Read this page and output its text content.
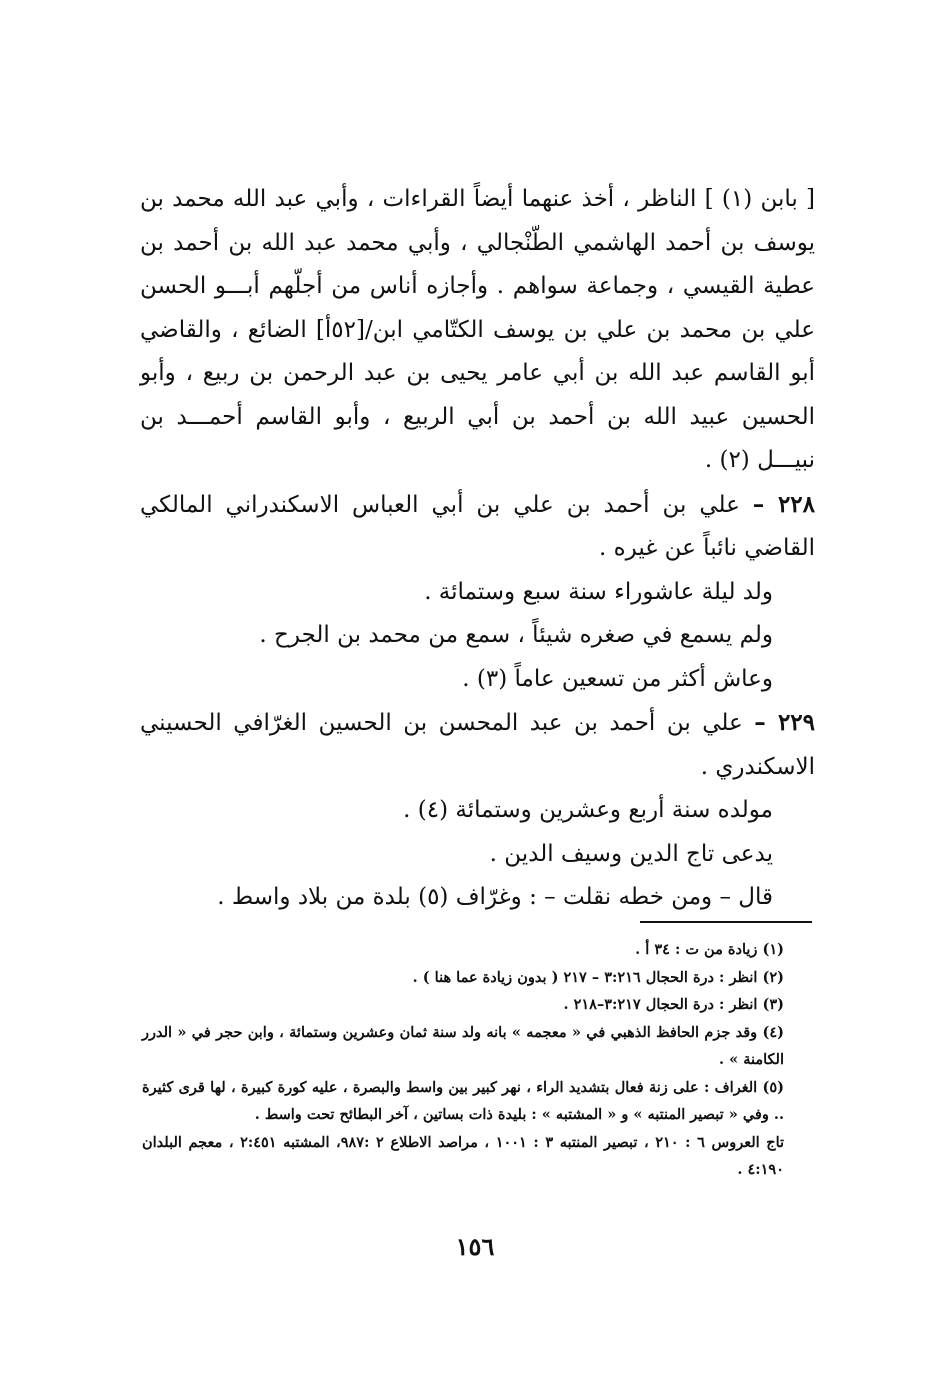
[ بابن (١) ] الناظر ، أخذ عنهما أيضاً القراءات ، وأبي عبد الله محمد بن يوسف بن أحمد الهاشمي الطّنْجالي ، وأبي محمد عبد الله بن أحمد بن عطية القيسي ، وجماعة سواهم . وأجازه أناس من أجلّهم أبـــو الحسن علي بن محمد بن علي بن يوسف الكتّامي ابن/[٥٢أ] الضائع ، والقاضي أبو القاسم عبد الله بن أبي عامر يحيى بن عبد الرحمن بن ربيع ، وأبو الحسين عبيد الله بن أحمد بن أبي الربيع ، وأبو القاسم أحمـــد بن نبيـــل (٢) .

٢٢٨ – علي بن أحمد بن علي بن أبي العباس الاسكندراني المالكي القاضي نائباً عن غيره .

ولد ليلة عاشوراء سنة سبع وستمائة .

ولم يسمع في صغره شيئاً ، سمع من محمد بن الجرح .

وعاش أكثر من تسعين عاماً (٣) .

٢٢٩ – علي بن أحمد بن عبد المحسن بن الحسين الغرّافي الحسيني الاسكندري .

مولده سنة أربع وعشرين وستمائة (٤) .

يدعى تاج الدين وسيف الدين .

قال – ومن خطه نقلت – : وغرّاف (٥) بلدة من بلاد واسط .

(١) زيادة من ت : ٣٤ أ .

(٢) انظر : درة الحجال ٣:٢١٦ – ٢١٧ ( بدون زيادة عما هنا ) .

(٣) انظر : درة الحجال ٣:٢١٧–٢١٨ .

(٤) وقد جزم الحافظ الذهبي في « معجمه » بانه ولد سنة ثمان وعشرين وستمائة ، وابن حجر في « الدرر الكامنة » .

(٥) الغراف : على زنة فعال بتشديد الراء ، نهر كبير بين واسط والبصرة ، عليه كورة كبيرة ، لها قرى كثيرة .. وفي « تبصير المنتبه » و « المشتبه » : بليدة ذات بساتين ، آخر البطائح تحت واسط .

تاج العروس ٦ : ٢١٠ ، تبصير المنتبه ٣ : ١٠٠١ ، مراصد الاطلاع ٢ :٩٨٧، المشتبه ٢:٤٥١ ، معجم البلدان ٤:١٩٠ .

١٥٦
